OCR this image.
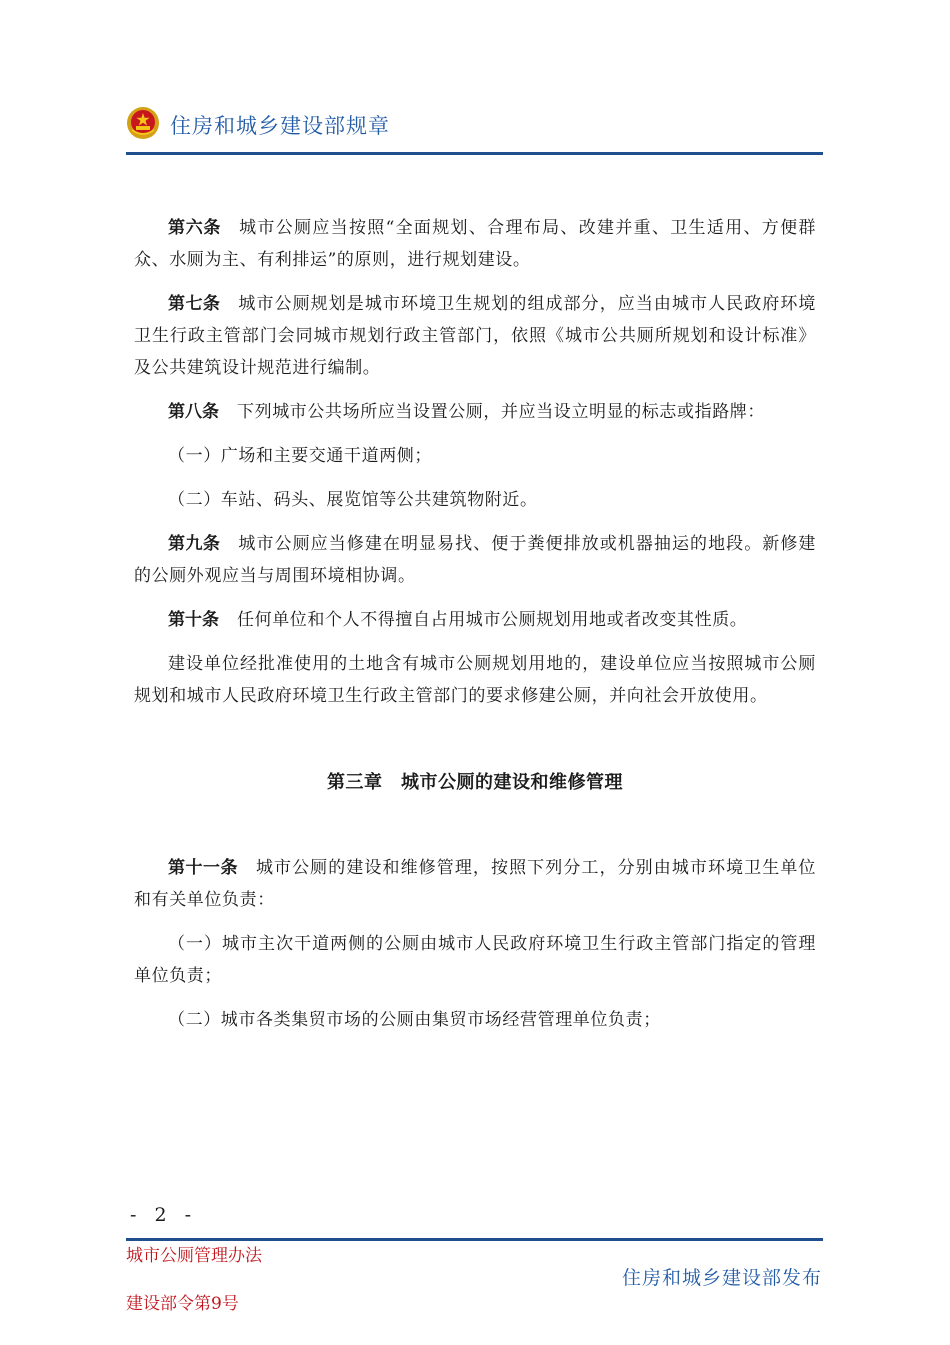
住房和城乡建设部规章

第六条 城市公厕应当按照“全面规划、合理布局、改建并重、卫生适用、方便群众、水厕为主、有利排运”的原则，进行规划建设。

第七条 城市公厕规划是城市环境卫生规划的组成部分，应当由城市人民政府环境卫生行政主管部门会同城市规划行政主管部门，依照《城市公共厕所规划和设计标准》及公共建筑设计规范进行编制。

第八条 下列城市公共场所应当设置公厕，并应当设立明显的标志或指路牌：

（一）广场和主要交通干道两侧；

（二）车站、码头、展览馆等公共建筑物附近。

第九条 城市公厕应当修建在明显易找、便于粪便排放或机器抽运的地段。新修建的公厕外观应当与周围环境相协调。

第十条 任何单位和个人不得擅自占用城市公厕规划用地或者改变其性质。

建设单位经批准使用的土地含有城市公厕规划用地的，建设单位应当按照城市公厕规划和城市人民政府环境卫生行政主管部门的要求修建公厕，并向社会开放使用。

第三章　城市公厕的建设和维修管理

第十一条 城市公厕的建设和维修管理，按照下列分工，分别由城市环境卫生单位和有关单位负责：

（一）城市主次干道两侧的公厕由城市人民政府环境卫生行政主管部门指定的管理单位负责；

（二）城市各类集贸市场的公厕由集贸市场经营管理单位负责；

- 2 -
城市公厕管理办法
建设部令第9号
住房和城乡建设部发布
